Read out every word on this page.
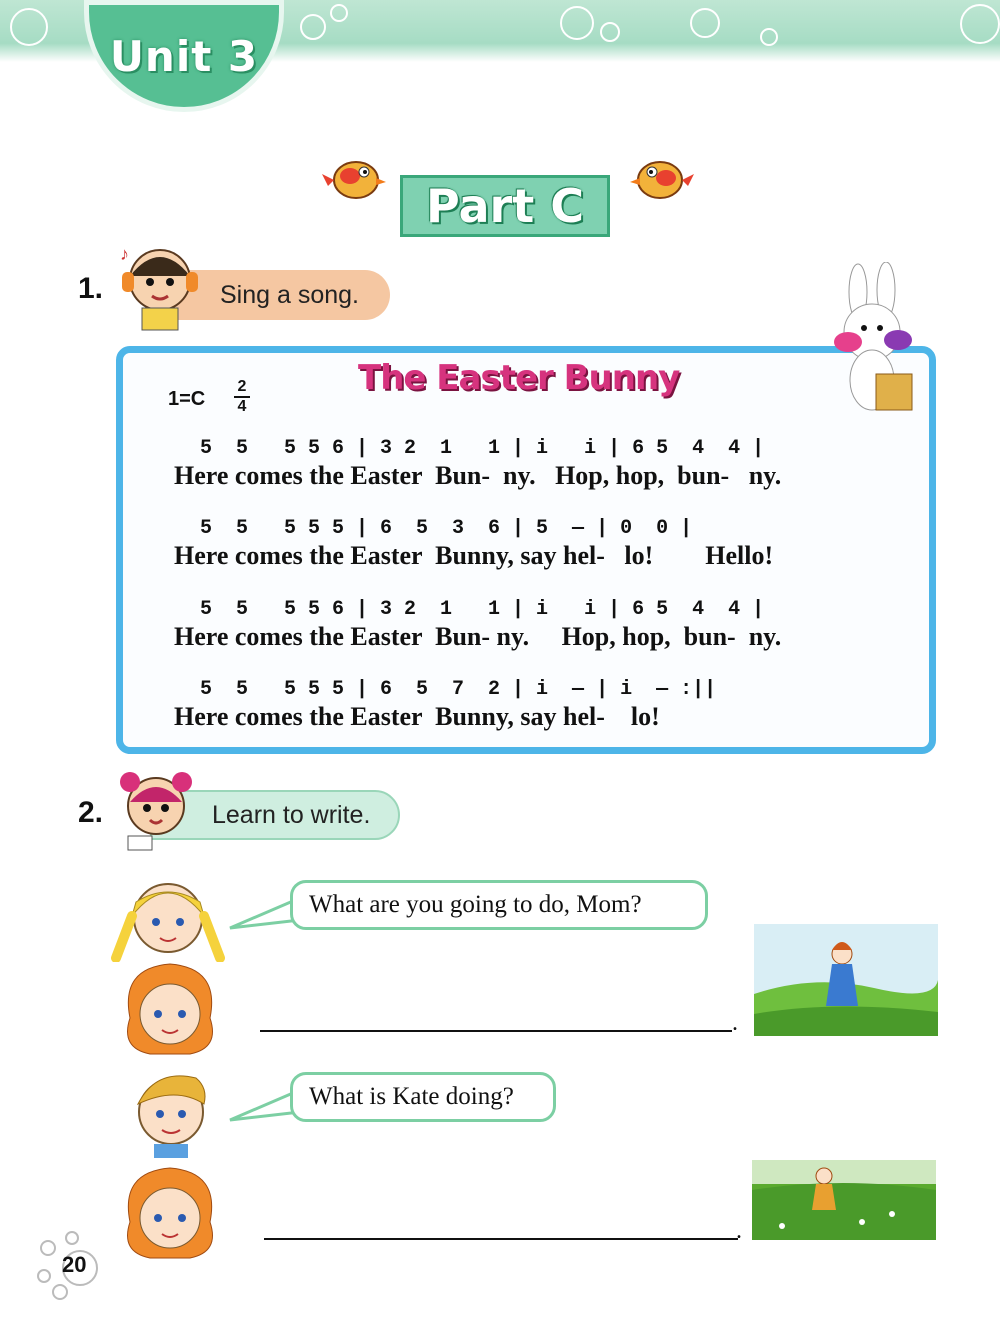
Unit 3
Part C
1.	Sing a song.
♪
The Easter Bunny
1=C
2
4
5  5   5 5 6 | 3 2  1   1 | i   i | 6 5  4  4 |
Here comes the Easter  Bun-  ny.   Hop, hop,  bun-   ny.
5  5   5 5 5 | 6  5  3  6 | 5  — | 0  0 |
Here comes the Easter  Bunny, say hel-   lo!        Hello!
5  5   5 5 6 | 3 2  1   1 | i   i | 6 5  4  4 |
Here comes the Easter  Bun- ny.     Hop, hop,  bun-  ny.
5  5   5 5 5 | 6  5  7  2 | i  — | i  — :||
Here comes the Easter  Bunny, say hel-    lo!
2.	Learn to write.
What are you going to do, Mom?
.
What is Kate doing?
.
20
